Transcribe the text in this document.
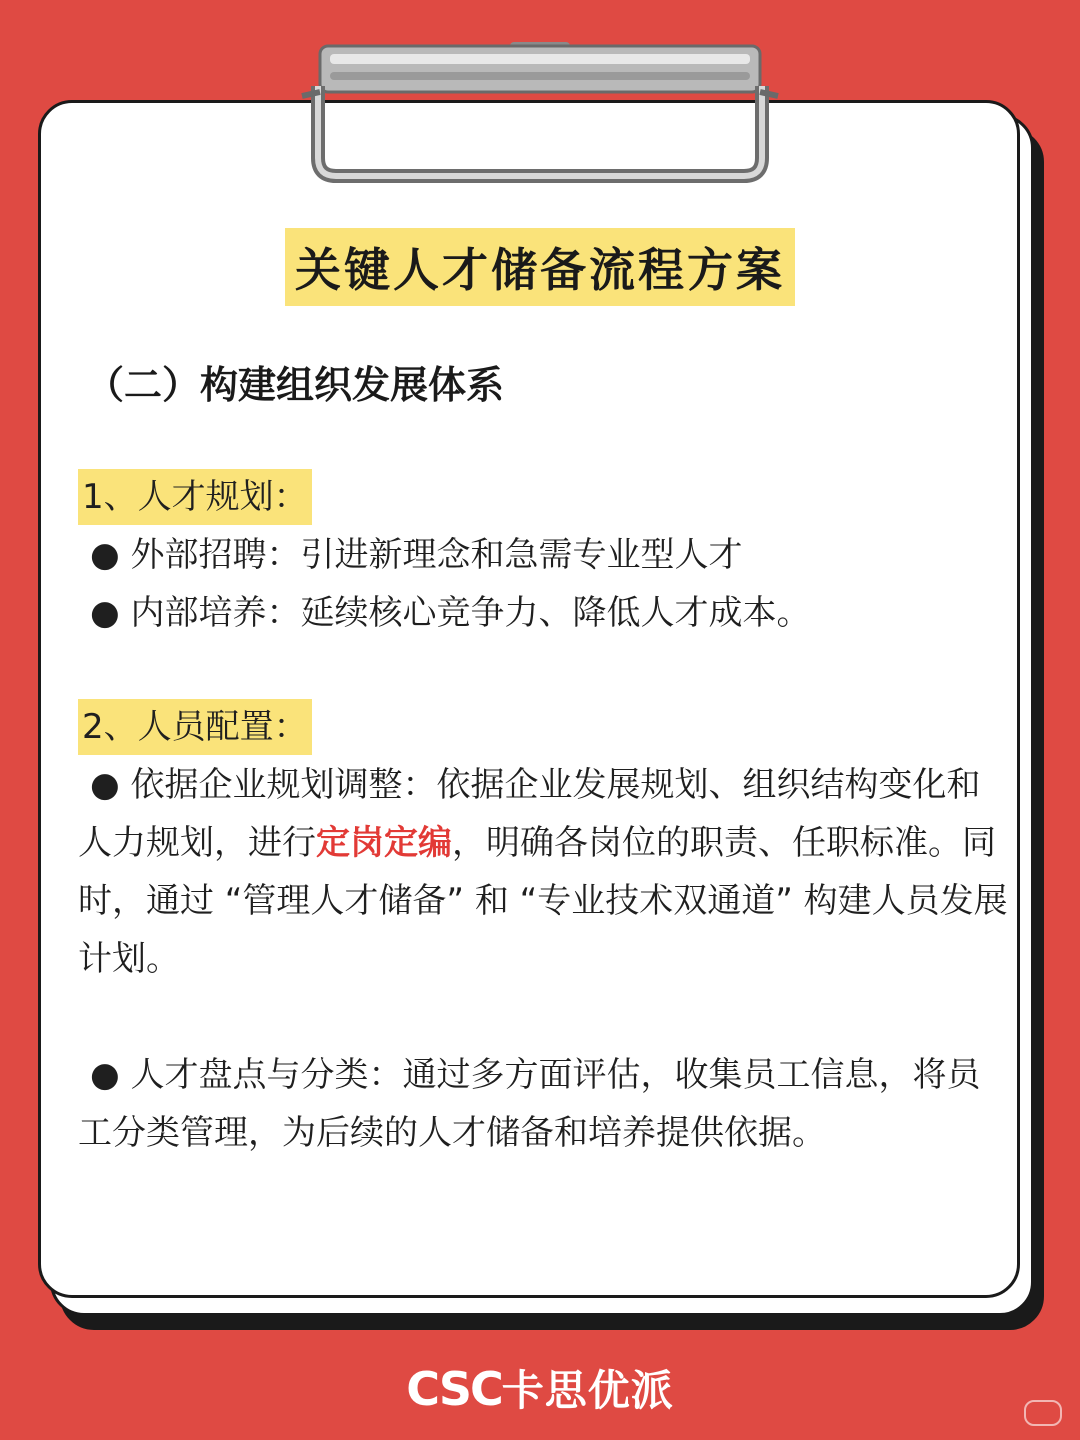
关键人才储备流程方案
（二）构建组织发展体系
1、人才规划：
● 外部招聘：引进新理念和急需专业型人才
● 内部培养：延续核心竞争力、降低人才成本。
2、人员配置：
● 依据企业规划调整：依据企业发展规划、组织结构变化和人力规划，进行定岗定编，明确各岗位的职责、任职标准。同时，通过 “管理人才储备” 和 “专业技术双通道” 构建人员发展计划。
● 人才盘点与分类：通过多方面评估，收集员工信息，将员工分类管理，为后续的人才储备和培养提供依据。
CSC卡思优派
